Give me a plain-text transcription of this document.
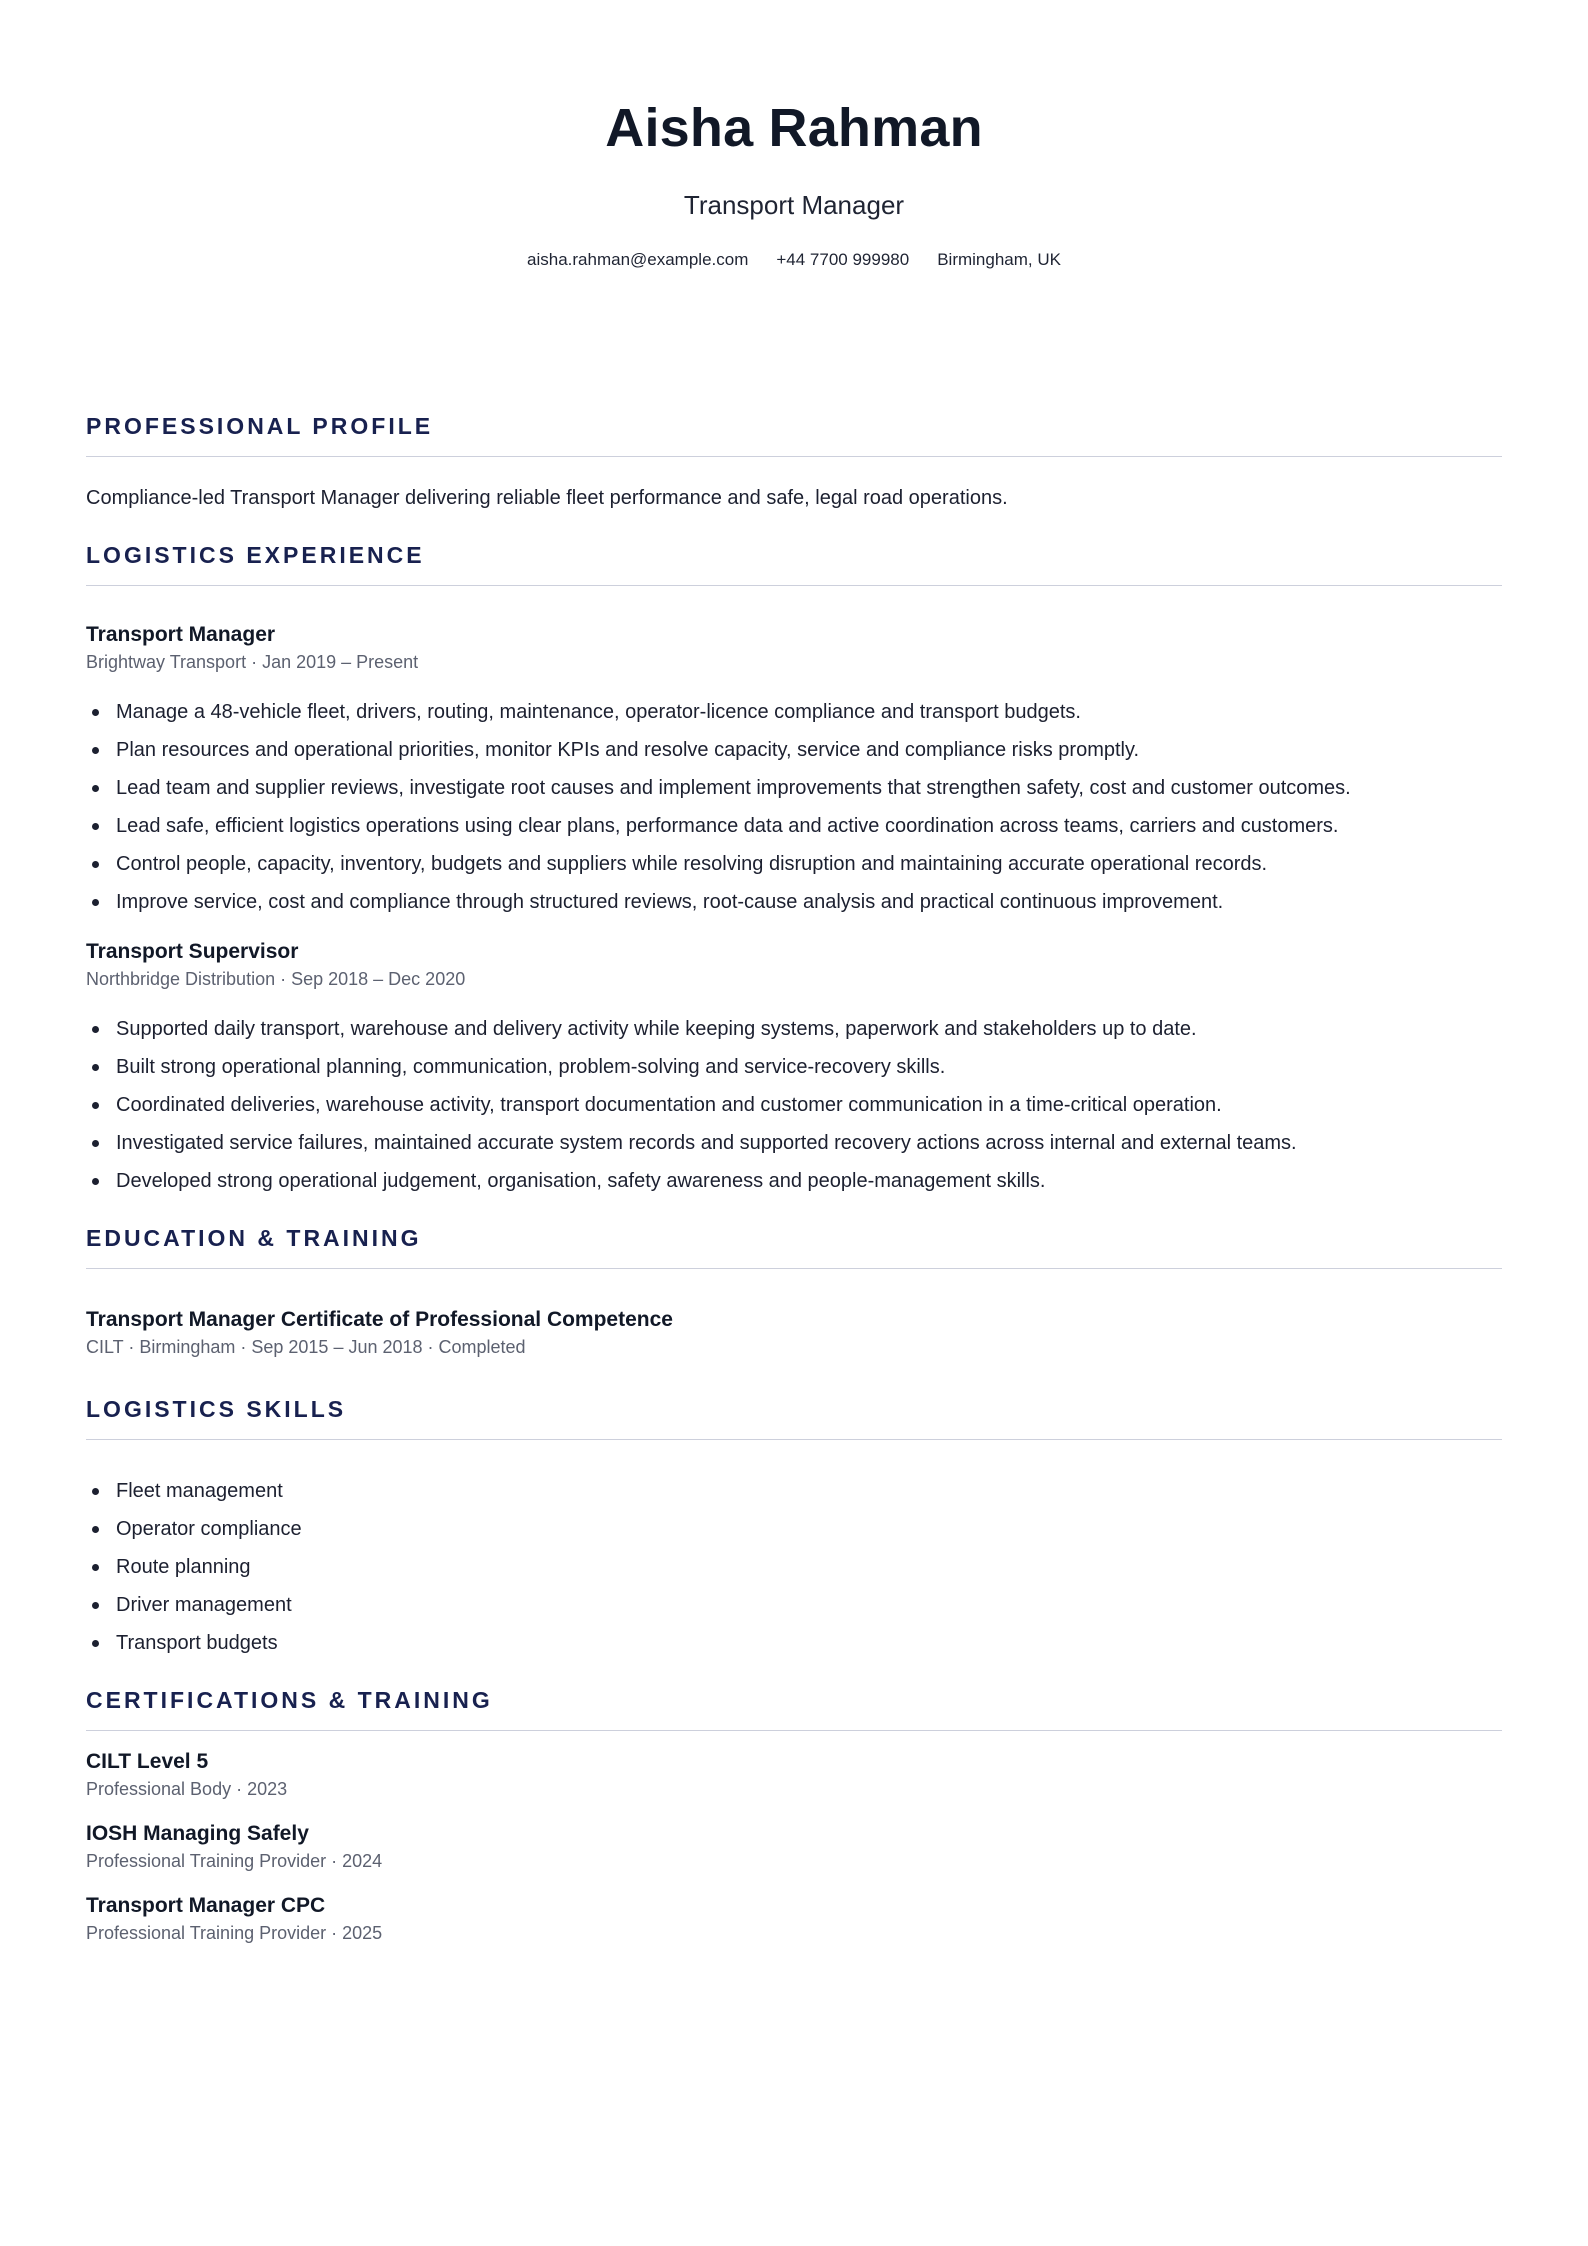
Aisha Rahman
Transport Manager
aisha.rahman@example.com +44 7700 999980 Birmingham, UK
PROFESSIONAL PROFILE

Compliance-led Transport Manager delivering reliable fleet performance and safe, legal road operations.

LOGISTICS EXPERIENCE
Transport Manager
Brightway Transport · Jan 2019 – Present
Manage a 48-vehicle fleet, drivers, routing, maintenance, operator-licence compliance and transport budgets.
Plan resources and operational priorities, monitor KPIs and resolve capacity, service and compliance risks promptly.
Lead team and supplier reviews, investigate root causes and implement improvements that strengthen safety, cost and customer outcomes.
Lead safe, efficient logistics operations using clear plans, performance data and active coordination across teams, carriers and customers.
Control people, capacity, inventory, budgets and suppliers while resolving disruption and maintaining accurate operational records.
Improve service, cost and compliance through structured reviews, root-cause analysis and practical continuous improvement.
Transport Supervisor
Northbridge Distribution · Sep 2018 – Dec 2020
Supported daily transport, warehouse and delivery activity while keeping systems, paperwork and stakeholders up to date.
Built strong operational planning, communication, problem-solving and service-recovery skills.
Coordinated deliveries, warehouse activity, transport documentation and customer communication in a time-critical operation.
Investigated service failures, maintained accurate system records and supported recovery actions across internal and external teams.
Developed strong operational judgement, organisation, safety awareness and people-management skills.
EDUCATION & TRAINING
Transport Manager Certificate of Professional Competence
CILT · Birmingham · Sep 2015 – Jun 2018 · Completed
LOGISTICS SKILLS
Fleet management
Operator compliance
Route planning
Driver management
Transport budgets
CERTIFICATIONS & TRAINING
CILT Level 5
Professional Body · 2023
IOSH Managing Safely
Professional Training Provider · 2024
Transport Manager CPC
Professional Training Provider · 2025
